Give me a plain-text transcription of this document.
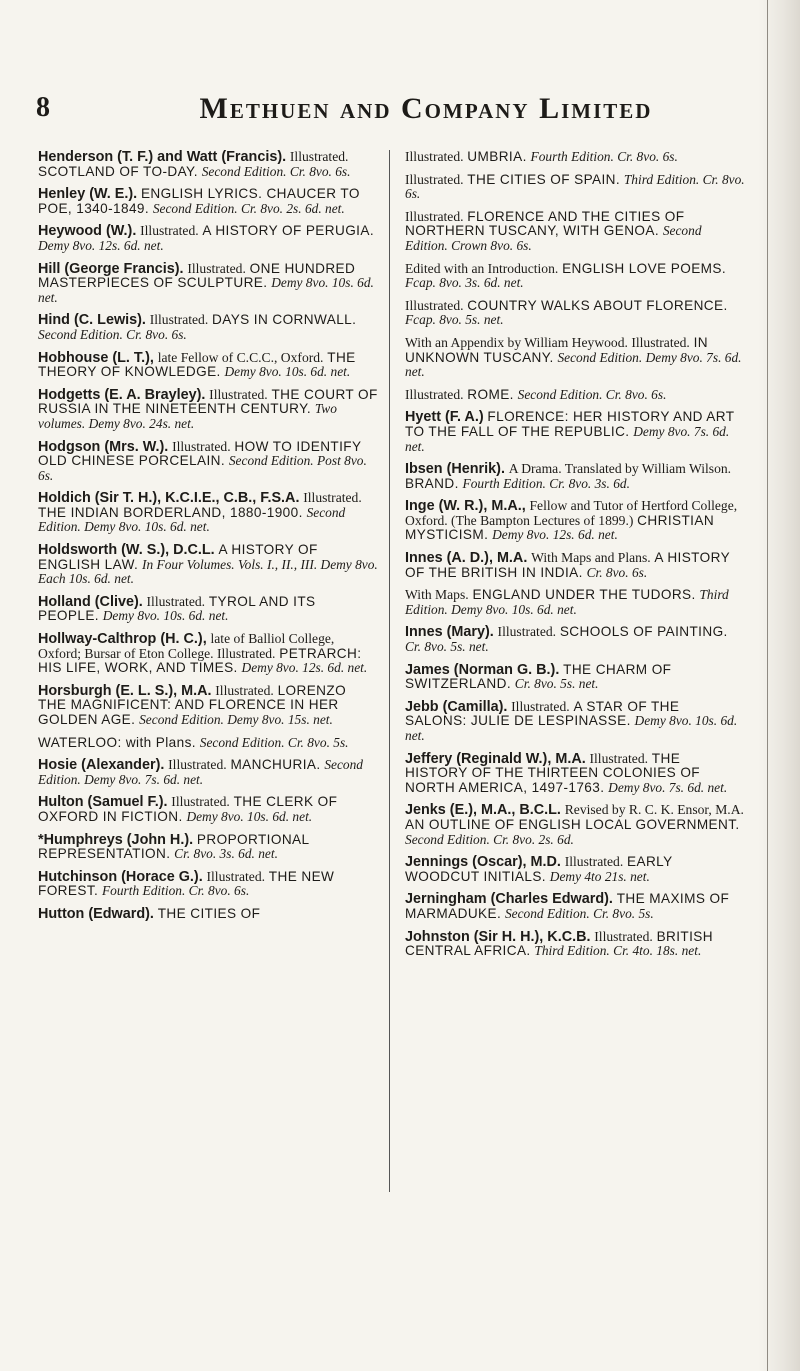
8	Methuen and Company Limited
Henderson (T. F.) and Watt (Francis). Illustrated. SCOTLAND OF TO-DAY. Second Edition. Cr. 8vo. 6s.
Henley (W. E.). ENGLISH LYRICS. CHAUCER TO POE, 1340-1849. Second Edition. Cr. 8vo. 2s. 6d. net.
Heywood (W.). Illustrated. A HISTORY OF PERUGIA. Demy 8vo. 12s. 6d. net.
Hill (George Francis). Illustrated. ONE HUNDRED MASTERPIECES OF SCULPTURE. Demy 8vo. 10s. 6d. net.
Hind (C. Lewis). Illustrated. DAYS IN CORNWALL. Second Edition. Cr. 8vo. 6s.
Hobhouse (L. T.), late Fellow of C.C.C., Oxford. THE THEORY OF KNOWLEDGE. Demy 8vo. 10s. 6d. net.
Hodgetts (E. A. Brayley). Illustrated. THE COURT OF RUSSIA IN THE NINETEENTH CENTURY. Two volumes. Demy 8vo. 24s. net.
Hodgson (Mrs. W.). Illustrated. HOW TO IDENTIFY OLD CHINESE PORCELAIN. Second Edition. Post 8vo. 6s.
Holdich (Sir T. H.), K.C.I.E., C.B., F.S.A. Illustrated. THE INDIAN BORDERLAND, 1880-1900. Second Edition. Demy 8vo. 10s. 6d. net.
Holdsworth (W. S.), D.C.L. A HISTORY OF ENGLISH LAW. In Four Volumes. Vols. I., II., III. Demy 8vo. Each 10s. 6d. net.
Holland (Clive). Illustrated. TYROL AND ITS PEOPLE. Demy 8vo. 10s. 6d. net.
Hollway-Calthrop (H. C.), late of Balliol College, Oxford; Bursar of Eton College. Illustrated. PETRARCH: HIS LIFE, WORK, AND TIMES. Demy 8vo. 12s. 6d. net.
Horsburgh (E. L. S.), M.A. Illustrated. LORENZO THE MAGNIFICENT: AND FLORENCE IN HER GOLDEN AGE. Second Edition. Demy 8vo. 15s. net.
WATERLOO: with Plans. Second Edition. Cr. 8vo. 5s.
Hosie (Alexander). Illustrated. MANCHURIA. Second Edition. Demy 8vo. 7s. 6d. net.
Hulton (Samuel F.). Illustrated. THE CLERK OF OXFORD IN FICTION. Demy 8vo. 10s. 6d. net.
*Humphreys (John H.). PROPORTIONAL REPRESENTATION. Cr. 8vo. 3s. 6d. net.
Hutchinson (Horace G.). Illustrated. THE NEW FOREST. Fourth Edition. Cr. 8vo. 6s.
Hutton (Edward). THE CITIES OF
Illustrated. UMBRIA. Fourth Edition. Cr. 8vo. 6s.
Illustrated. THE CITIES OF SPAIN. Third Edition. Cr. 8vo. 6s.
Illustrated. FLORENCE AND THE CITIES OF NORTHERN TUSCANY, WITH GENOA. Second Edition. Crown 8vo. 6s.
Edited with an Introduction. ENGLISH LOVE POEMS. Fcap. 8vo. 3s. 6d. net.
Illustrated. COUNTRY WALKS ABOUT FLORENCE. Fcap. 8vo. 5s. net.
With an Appendix by William Heywood. Illustrated. IN UNKNOWN TUSCANY. Second Edition. Demy 8vo. 7s. 6d. net.
Illustrated. ROME. Second Edition. Cr. 8vo. 6s.
Hyett (F. A.) FLORENCE: HER HISTORY AND ART TO THE FALL OF THE REPUBLIC. Demy 8vo. 7s. 6d. net.
Ibsen (Henrik). A Drama. Translated by William Wilson. BRAND. Fourth Edition. Cr. 8vo. 3s. 6d.
Inge (W. R.), M.A., Fellow and Tutor of Hertford College, Oxford. (The Bampton Lectures of 1899.) CHRISTIAN MYSTICISM. Demy 8vo. 12s. 6d. net.
Innes (A. D.), M.A. With Maps and Plans. A HISTORY OF THE BRITISH IN INDIA. Cr. 8vo. 6s.
With Maps. ENGLAND UNDER THE TUDORS. Third Edition. Demy 8vo. 10s. 6d. net.
Innes (Mary). Illustrated. SCHOOLS OF PAINTING. Cr. 8vo. 5s. net.
James (Norman G. B.). THE CHARM OF SWITZERLAND. Cr. 8vo. 5s. net.
Jebb (Camilla). Illustrated. A STAR OF THE SALONS: JULIE DE LESPINASSE. Demy 8vo. 10s. 6d. net.
Jeffery (Reginald W.), M.A. Illustrated. THE HISTORY OF THE THIRTEEN COLONIES OF NORTH AMERICA, 1497-1763. Demy 8vo. 7s. 6d. net.
Jenks (E.), M.A., B.C.L. Revised by R. C. K. Ensor, M.A. AN OUTLINE OF ENGLISH LOCAL GOVERNMENT. Second Edition. Cr. 8vo. 2s. 6d.
Jennings (Oscar), M.D. Illustrated. EARLY WOODCUT INITIALS. Demy 4to 21s. net.
Jerningham (Charles Edward). THE MAXIMS OF MARMADUKE. Second Edition. Cr. 8vo. 5s.
Johnston (Sir H. H.), K.C.B. Illustrated. BRITISH CENTRAL AFRICA. Third Edition. Cr. 4to. 18s. net.
